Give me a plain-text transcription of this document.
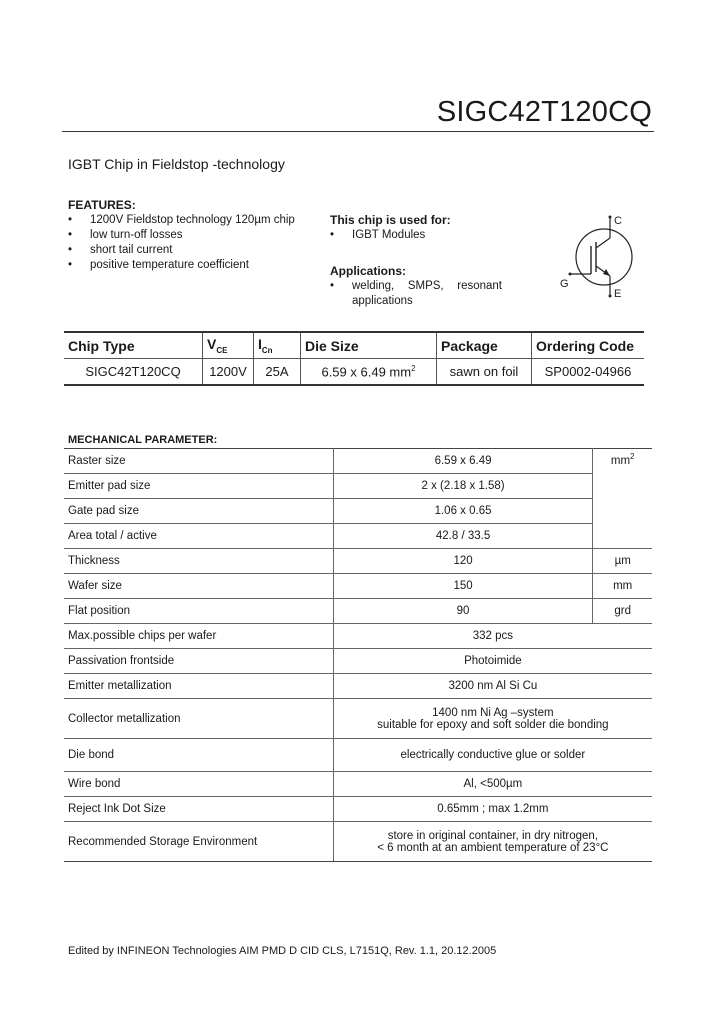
SIGC42T120CQ
IGBT Chip in Fieldstop -technology
FEATURES:
• 1200V Fieldstop technology 120µm chip
• low turn-off losses
• short tail current
• positive temperature coefficient
This chip is used for:
• IGBT Modules
Applications:
• welding, SMPS, resonant applications
C
G
E
Chip Type	$V_{CE}$	$I_{Cn}$	Die Size	Package	Ordering Code
SIGC42T120CQ	1200V	25A	6.59 x 6.49 $mm^2$	sawn on foil	SP0002-04966
MECHANICAL PARAMETER:
Raster size	6.59 x 6.49	$mm^2$
Emitter pad size	2 x (2.18 x 1.58)	
Gate pad size	1.06 x 0.65	
Area total / active	42.8 / 33.5	
Thickness	120	µm
Wafer size	150	mm
Flat position	90	grd
Max.possible chips per wafer	332 pcs	
Passivation frontside	Photoimide	
Emitter metallization	3200 nm Al Si Cu	
Collector metallization	1400 nm Ni Ag –system
suitable for epoxy and soft solder die bonding	

Die bond	electrically conductive glue or solder	
Wire bond	Al, <500µm	
Reject Ink Dot Size	0.65mm ; max 1.2mm	
Recommended Storage Environment	store in original container, in dry nitrogen,
< 6 month at an ambient temperature of 23°C	
Edited by INFINEON Technologies AIM PMD D CID CLS, L7151Q, Rev. 1.1, 20.12.2005
